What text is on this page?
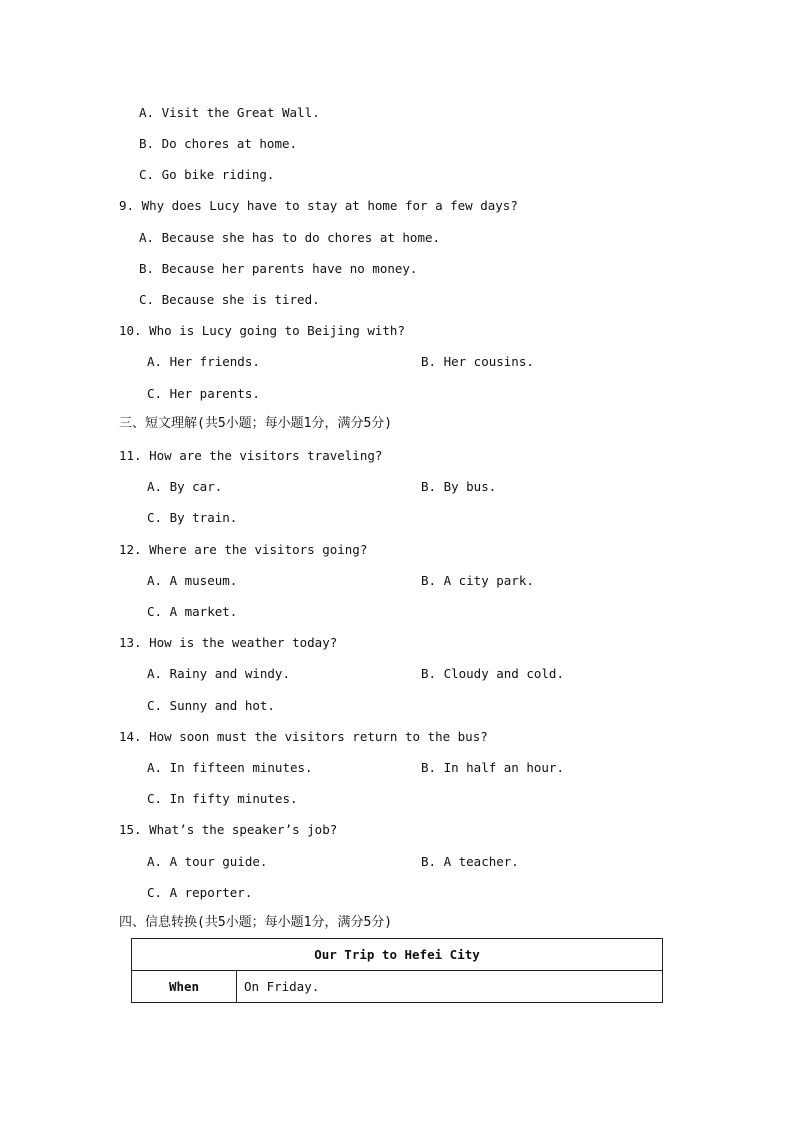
A. Visit the Great Wall.
B. Do chores at home.
C. Go bike riding.
9. Why does Lucy have to stay at home for a few days?
A. Because she has to do chores at home.
B. Because her parents have no money.
C. Because she is tired.
10. Who is Lucy going to Beijing with?
A. Her friends.	B. Her cousins.
C. Her parents.
三、短文理解(共5小题；每小题1分，满分5分)
11. How are the visitors traveling?
A. By car.	B. By bus.
C. By train.
12. Where are the visitors going?
A. A museum.	B. A city park.
C. A market.
13. How is the weather today?
A. Rainy and windy.	B. Cloudy and cold.
C. Sunny and hot.
14. How soon must the visitors return to the bus?
A. In fifteen minutes.	B. In half an hour.
C. In fifty minutes.
15. What’s the speaker’s job?
A. A tour guide.	B. A teacher.
C. A reporter.
四、信息转换(共5小题；每小题1分，满分5分)
Our Trip to Hefei City
When	On Friday.
